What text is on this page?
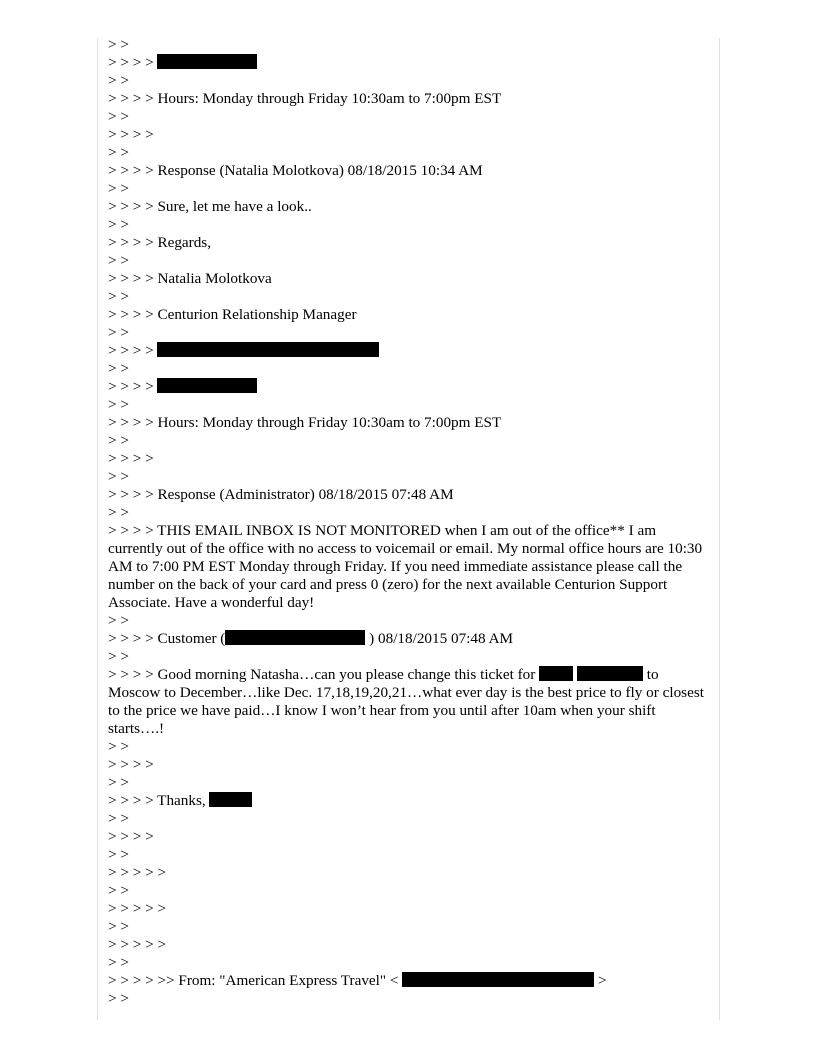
> >
> > > >
> >
> > > > Hours: Monday through Friday 10:30am to 7:00pm EST
> >
> > > >
> >
> > > > Response (Natalia Molotkova) 08/18/2015 10:34 AM
> >
> > > > Sure, let me have a look..
> >
> > > > Regards,
> >
> > > > Natalia Molotkova
> >
> > > > Centurion Relationship Manager
> >
> > > >
> >
> > > >
> >
> > > > Hours: Monday through Friday 10:30am to 7:00pm EST
> >
> > > >
> >
> > > > Response (Administrator) 08/18/2015 07:48 AM
> >
> > > > THIS EMAIL INBOX IS NOT MONITORED when I am out of the office** I am currently out of the office with no access to voicemail or email. My normal office hours are 10:30 AM to 7:00 PM EST Monday through Friday. If you need immediate assistance please call the number on the back of your card and press 0 (zero) for the next available Centurion Support Associate. Have a wonderful day!
> >
> > > > Customer (	) 08/18/2015 07:48 AM
> >
> > > > Good morning Natasha…can you please change this ticket for	to Moscow to December…like Dec. 17,18,19,20,21…what ever day is the best price to fly or closest to the price we have paid…I know I won’t hear from you until after 10am when your shift starts….!
> >
> > > >
> >
> > > > Thanks,
> >
> > > >
> >
> > > > >
> >
> > > > >
> >
> > > > >
> >
> > > > >> From: "American Express Travel" <	>
> >
